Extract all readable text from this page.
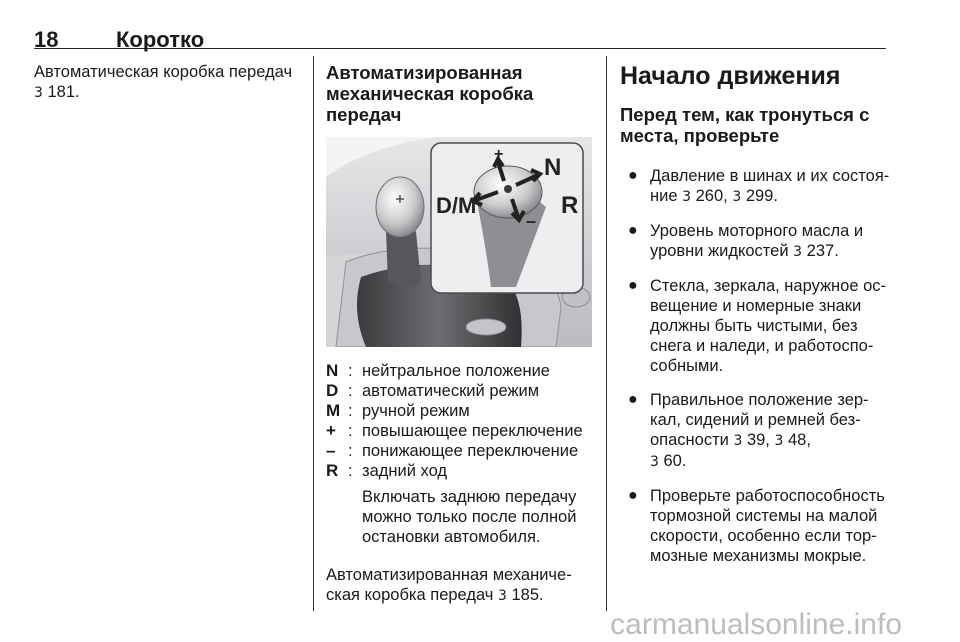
18	Коротко
Автоматическая коробка передач
3 181.
Автоматизированная
механическая коробка передач
+ N
D/M	R
–
N : нейтральное положение
D : автоматический режим
M : ручной режим
+ : повышающее переключение
– : понижающее переключение
R : задний ход
Включать заднюю передачу можно только после полной остановки автомобиля.
Автоматизированная механиче-ская коробка передач 3 185.
Начало движения
Перед тем, как тронуться с места, проверьте
● Давление в шинах и их состоя-ние 3 260, 3 299.
● Уровень моторного масла и уровни жидкостей 3 237.
● Стекла, зеркала, наружное ос-вещение и номерные знаки должны быть чистыми, без снега и наледи, и работоспо-собными.
● Правильное положение зер-кал, сидений и ремней без-опасности 3 39, 3 48,
3 60.
● Проверьте работоспособность тормозной системы на малой скорости, особенно если тор-мозные механизмы мокрые.
carmanualsonline.info
